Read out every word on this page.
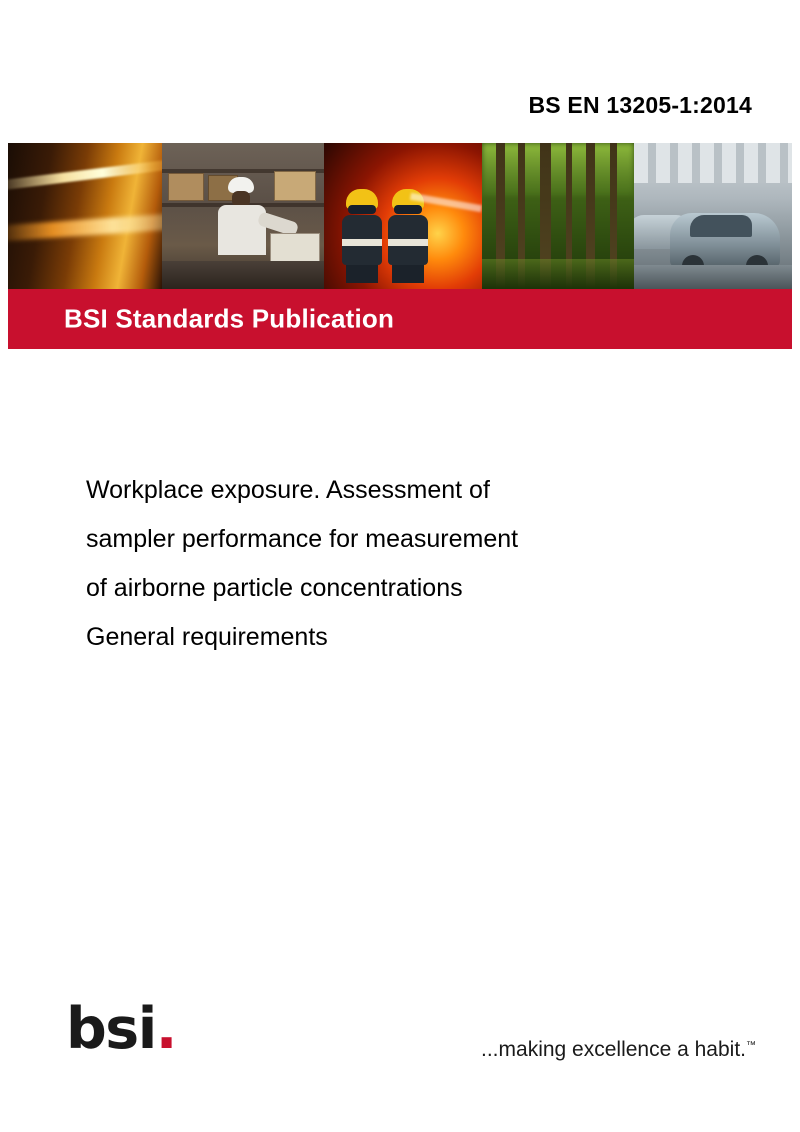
BS EN 13205-1:2014
BSI Standards Publication
Workplace exposure. Assessment of
sampler performance for measurement
of airborne particle concentrations
General requirements
bsi.	...making excellence a habit.™
